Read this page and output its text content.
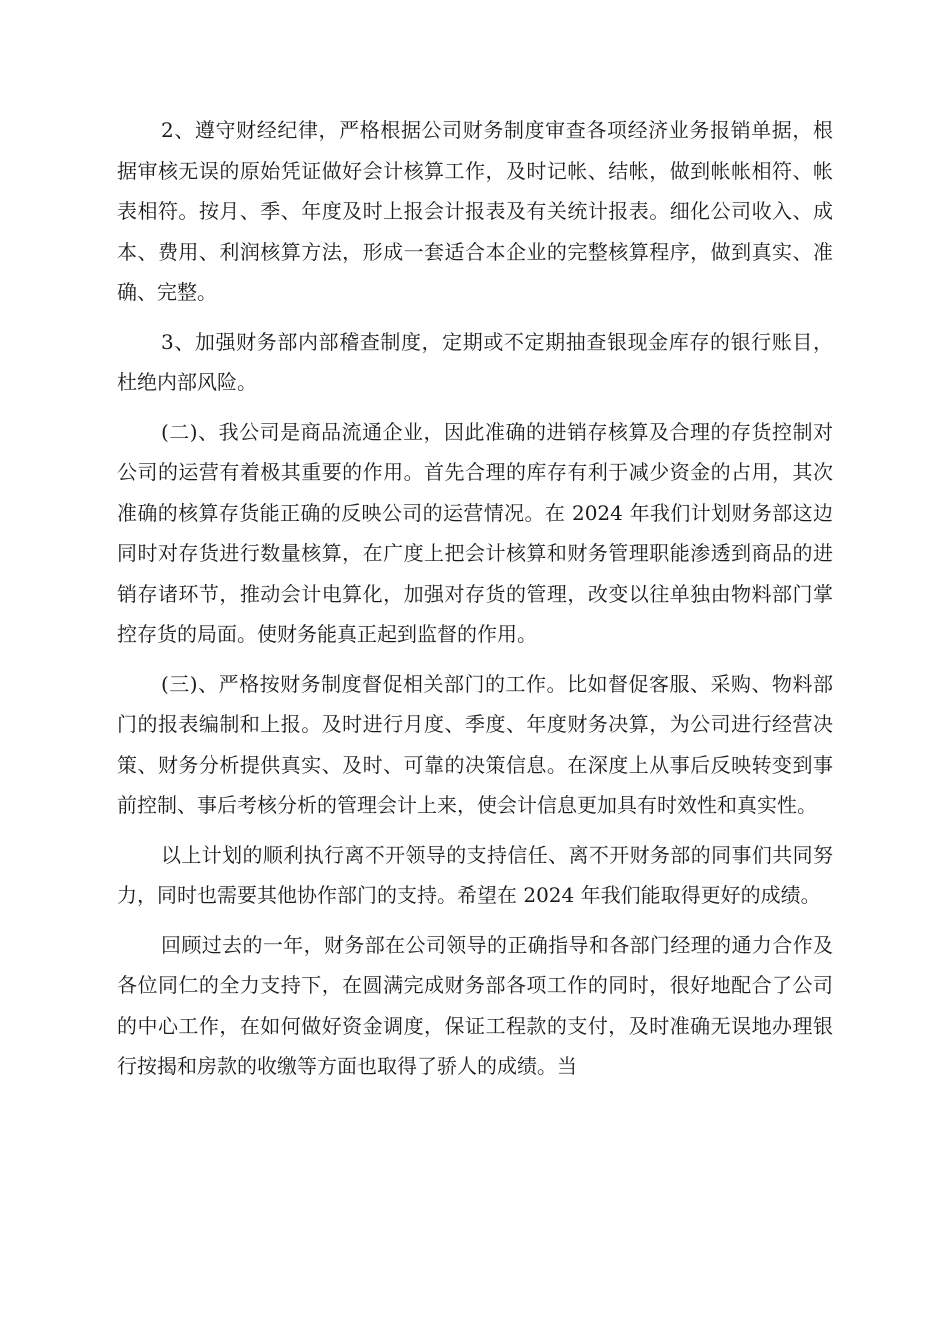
2、遵守财经纪律，严格根据公司财务制度审查各项经济业务报销单据，根据审核无误的原始凭证做好会计核算工作，及时记帐、结帐，做到帐帐相符、帐表相符。按月、季、年度及时上报会计报表及有关统计报表。细化公司收入、成本、费用、利润核算方法，形成一套适合本企业的完整核算程序，做到真实、准确、完整。

3、加强财务部内部稽查制度，定期或不定期抽查银现金库存的银行账目，杜绝内部风险。

(二)、我公司是商品流通企业，因此准确的进销存核算及合理的存货控制对公司的运营有着极其重要的作用。首先合理的库存有利于减少资金的占用，其次准确的核算存货能正确的反映公司的运营情况。在 2024 年我们计划财务部这边同时对存货进行数量核算，在广度上把会计核算和财务管理职能渗透到商品的进销存诸环节，推动会计电算化，加强对存货的管理，改变以往单独由物料部门掌控存货的局面。使财务能真正起到监督的作用。

(三)、严格按财务制度督促相关部门的工作。比如督促客服、采购、物料部门的报表编制和上报。及时进行月度、季度、年度财务决算，为公司进行经营决策、财务分析提供真实、及时、可靠的决策信息。在深度上从事后反映转变到事前控制、事后考核分析的管理会计上来，使会计信息更加具有时效性和真实性。

以上计划的顺利执行离不开领导的支持信任、离不开财务部的同事们共同努力，同时也需要其他协作部门的支持。希望在 2024 年我们能取得更好的成绩。

回顾过去的一年，财务部在公司领导的正确指导和各部门经理的通力合作及各位同仁的全力支持下，在圆满完成财务部各项工作的同时，很好地配合了公司的中心工作，在如何做好资金调度，保证工程款的支付，及时准确无误地办理银行按揭和房款的收缴等方面也取得了骄人的成绩。当
